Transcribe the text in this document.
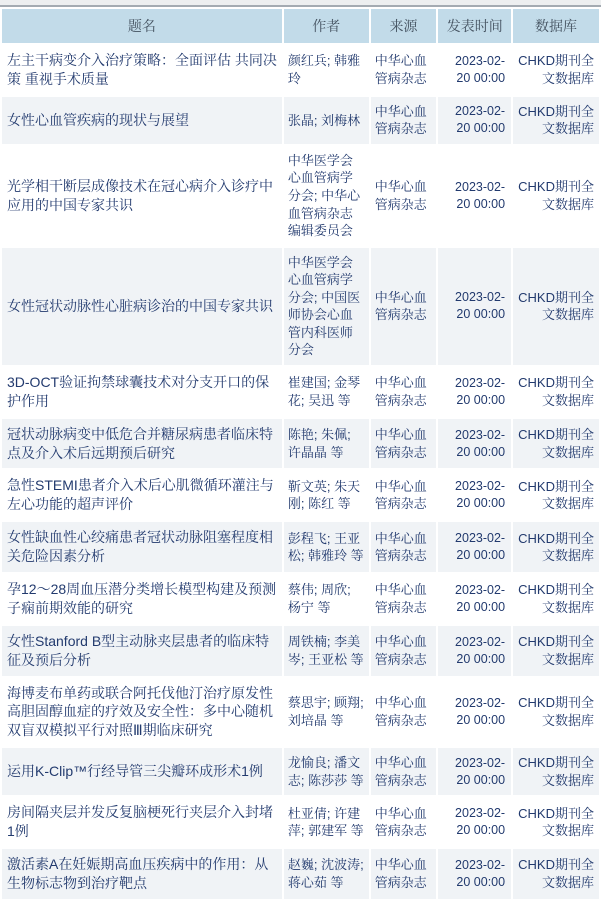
题名	作者	来源	发表时间	数据库

左主干病变介入治疗策略：全面评估 共同决策 重视手术质量	颜红兵; 韩雅玲	中华心血管病杂志	2023-02-20 00:00	CHKD期刊全文数据库

女性心血管疾病的现状与展望	张晶; 刘梅林	中华心血管病杂志	2023-02-20 00:00	CHKD期刊全文数据库

光学相干断层成像技术在冠心病介入诊疗中应用的中国专家共识	中华医学会心血管病学分会; 中华心血管病杂志编辑委员会	中华心血管病杂志	2023-02-20 00:00	CHKD期刊全文数据库

女性冠状动脉性心脏病诊治的中国专家共识	中华医学会心血管病学分会; 中国医师协会心血管内科医师分会	中华心血管病杂志	2023-02-20 00:00	CHKD期刊全文数据库

3D-OCT验证拘禁球囊技术对分支开口的保护作用	崔建国; 金琴花; 吴迅 等	中华心血管病杂志	2023-02-20 00:00	CHKD期刊全文数据库

冠状动脉病变中低危合并糖尿病患者临床特点及介入术后远期预后研究	陈艳; 朱佩; 许晶晶 等	中华心血管病杂志	2023-02-20 00:00	CHKD期刊全文数据库

急性STEMI患者介入术后心肌微循环灌注与左心功能的超声评价	靳文英; 朱天刚; 陈红 等	中华心血管病杂志	2023-02-20 00:00	CHKD期刊全文数据库

女性缺血性心绞痛患者冠状动脉阻塞程度相关危险因素分析	彭程飞; 王亚松; 韩雅玲 等	中华心血管病杂志	2023-02-20 00:00	CHKD期刊全文数据库

孕12～28周血压潜分类增长模型构建及预测子痫前期效能的研究	蔡伟; 周欣; 杨宁 等	中华心血管病杂志	2023-02-20 00:00	CHKD期刊全文数据库

女性Stanford B型主动脉夹层患者的临床特征及预后分析	周铁楠; 李美岑; 王亚松 等	中华心血管病杂志	2023-02-20 00:00	CHKD期刊全文数据库

海博麦布单药或联合阿托伐他汀治疗原发性高胆固醇血症的疗效及安全性：多中心随机双盲双模拟平行对照Ⅲ期临床研究	蔡思宇; 顾翔; 刘培晶 等	中华心血管病杂志	2023-02-20 00:00	CHKD期刊全文数据库

运用K-Clip™行经导管三尖瓣环成形术1例	龙愉良; 潘文志; 陈莎莎 等	中华心血管病杂志	2023-02-20 00:00	CHKD期刊全文数据库

房间隔夹层并发反复脑梗死行夹层介入封堵1例	杜亚倩; 许建萍; 郭建军 等	中华心血管病杂志	2023-02-20 00:00	CHKD期刊全文数据库

激活素A在妊娠期高血压疾病中的作用：从生物标志物到治疗靶点	赵巍; 沈波涛; 蒋心茹 等	中华心血管病杂志	2023-02-20 00:00	CHKD期刊全文数据库
